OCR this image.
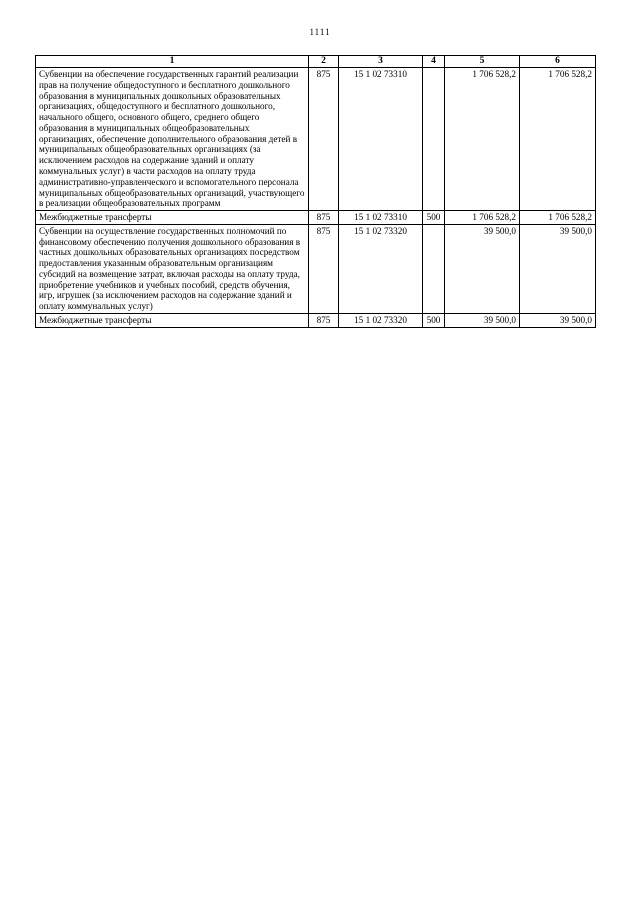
1111
1	2	3	4	5	6
Субвенции на обеспечение государственных гарантий реализации прав на получение общедоступного и бесплатного дошкольного образования в муниципальных дошкольных образовательных организациях, общедоступного и бесплатного дошкольного, начального общего, основного общего, среднего общего образования в муниципальных общеобразовательных организациях, обеспечение дополнительного образования детей в муниципальных общеобразовательных организациях (за исключением расходов на содержание зданий и оплату коммунальных услуг) в части расходов на оплату труда административно-управленческого и вспомогательного персонала муниципальных общеобразовательных организаций, участвующего в реализации общеобразовательных программ	875	15 1 02 73310		1 706 528,2	1 706 528,2
Межбюджетные трансферты	875	15 1 02 73310	500	1 706 528,2	1 706 528,2
Субвенции на осуществление государственных полномочий по финансовому обеспечению получения дошкольного образования в частных дошкольных образовательных организациях посредством предоставления указанным образовательным организациям субсидий на возмещение затрат, включая расходы на оплату труда, приобретение учебников и учебных пособий, средств обучения, игр, игрушек (за исключением расходов на содержание зданий и оплату коммунальных услуг)	875	15 1 02 73320		39 500,0	39 500,0
Межбюджетные трансферты	875	15 1 02 73320	500	39 500,0	39 500,0
